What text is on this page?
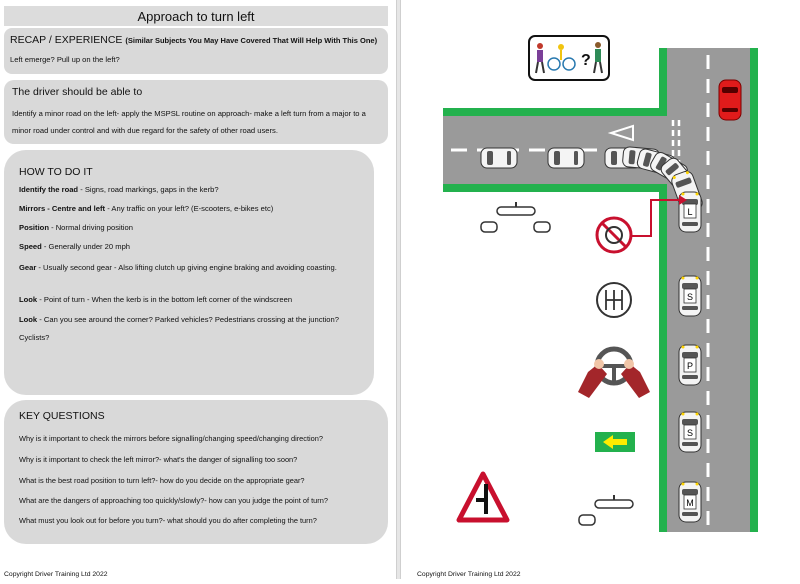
Approach to turn left
RECAP / EXPERIENCE (Similar Subjects You May Have Covered That Will Help With This One)
Left emerge? Pull up on the left?
The driver should be able to
Identify a minor road on the left- apply the MSPSL routine on approach- make a left turn from a major to a minor road under control and with due regard for the safety of other road users.
HOW TO DO IT
Identify the road - Signs, road markings, gaps in the kerb?
Mirrors - Centre and left - Any traffic on your left? (E-scooters, e-bikes etc)
Position - Normal driving position
Speed - Generally under 20 mph
Gear - Usually second gear - Also lifting clutch up giving engine braking and avoiding coasting.
Look - Point of turn - When the kerb is in the bottom left corner of the windscreen
Look - Can you see around the corner? Parked vehicles? Pedestrians crossing at the junction? Cyclists?
KEY QUESTIONS
Why is it important to check the mirrors before signalling/changing speed/changing direction?
Why is it important to check the left mirror?- what's the danger of signalling too soon?
What is the best road position to turn left?- how do you decide on the appropriate gear?
What are the dangers of approaching too quickly/slowly?- how can you judge the point of turn?
What must you look out for before you turn?- what should you do after completing the turn?
Copyright Driver Training Ltd 2022
L
S
P
S
M
?
Copyright Driver Training Ltd 2022
